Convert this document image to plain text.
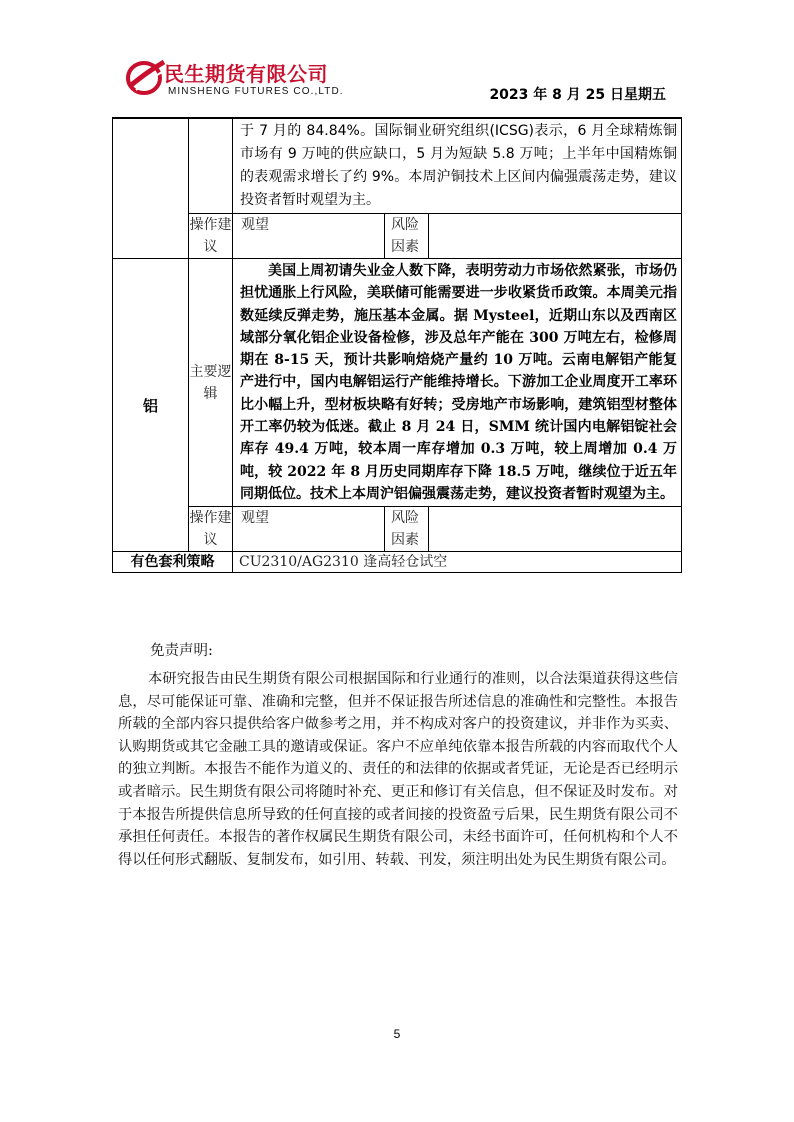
民生期货有限公司
MINSHENG FUTURES CO.,LTD.	2023 年 8 月 25 日星期五
		于 7 月的 84.84%。国际铜业研究组织(ICSG)表示，6 月全球精炼铜市场有 9 万吨的供应缺口，5 月为短缺 5.8 万吨；上半年中国精炼铜的表观需求增长了约 9%。本周沪铜技术上区间内偏强震荡走势，建议投资者暂时观望为主。		
	操作建议	观望	风险因素	
铝	主要逻辑	美国上周初请失业金人数下降，表明劳动力市场依然紧张，市场仍担忧通胀上行风险，美联储可能需要进一步收紧货币政策。本周美元指数延续反弹走势，施压基本金属。据 Mysteel，近期山东以及西南区域部分氧化铝企业设备检修，涉及总年产能在 300 万吨左右，检修周期在 8-15 天，预计共影响焙烧产量约 10 万吨。云南电解铝产能复产进行中，国内电解铝运行产能维持增长。下游加工企业周度开工率环比小幅上升，型材板块略有好转；受房地产市场影响，建筑铝型材整体开工率仍较为低迷。截止 8 月 24 日，SMM 统计国内电解铝锭社会库存 49.4 万吨，较本周一库存增加 0.3 万吨，较上周增加 0.4 万吨，较 2022 年 8 月历史同期库存下降 18.5 万吨，继续位于近五年同期低位。技术上本周沪铝偏强震荡走势，建议投资者暂时观望为主。		
	操作建议	观望	风险因素	
有色套利策略		CU2310/AG2310 逢高轻仓试空		
免责声明:
本研究报告由民生期货有限公司根据国际和行业通行的准则，以合法渠道获得这些信息，尽可能保证可靠、准确和完整，但并不保证报告所述信息的准确性和完整性。本报告所载的全部内容只提供给客户做参考之用，并不构成对客户的投资建议，并非作为买卖、认购期货或其它金融工具的邀请或保证。客户不应单纯依靠本报告所载的内容而取代个人的独立判断。本报告不能作为道义的、责任的和法律的依据或者凭证，无论是否已经明示或者暗示。民生期货有限公司将随时补充、更正和修订有关信息，但不保证及时发布。对于本报告所提供信息所导致的任何直接的或者间接的投资盈亏后果，民生期货有限公司不承担任何责任。本报告的著作权属民生期货有限公司，未经书面许可，任何机构和个人不得以任何形式翻版、复制发布，如引用、转载、刊发，须注明出处为民生期货有限公司。
5
